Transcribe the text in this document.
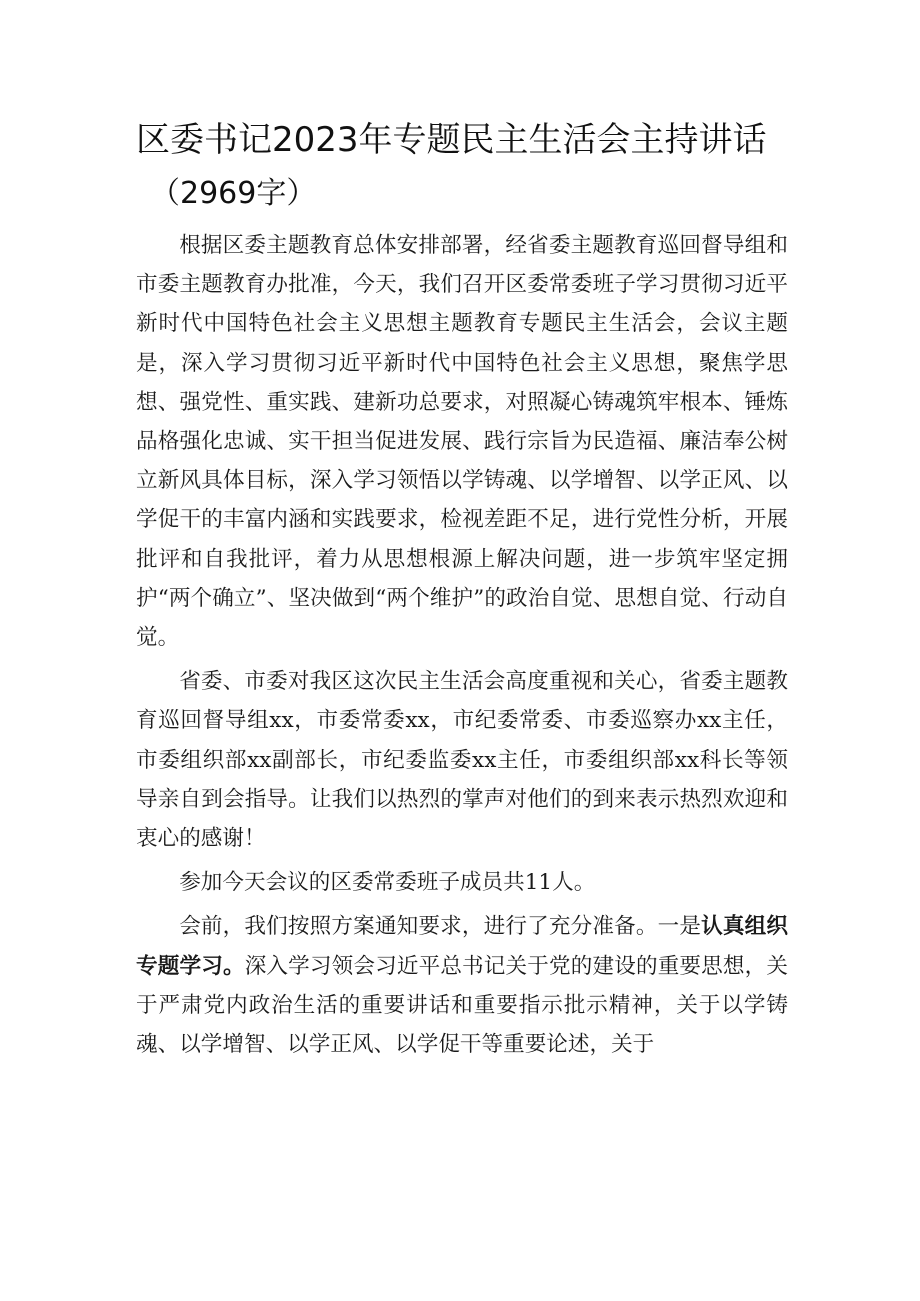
区委书记2023年专题民主生活会主持讲话
（2969字）

根据区委主题教育总体安排部署，经省委主题教育巡回督导组和市委主题教育办批准，今天，我们召开区委常委班子学习贯彻习近平新时代中国特色社会主义思想主题教育专题民主生活会，会议主题是，深入学习贯彻习近平新时代中国特色社会主义思想，聚焦学思想、强党性、重实践、建新功总要求，对照凝心铸魂筑牢根本、锤炼品格强化忠诚、实干担当促进发展、践行宗旨为民造福、廉洁奉公树立新风具体目标，深入学习领悟以学铸魂、以学增智、以学正风、以学促干的丰富内涵和实践要求，检视差距不足，进行党性分析，开展批评和自我批评，着力从思想根源上解决问题，进一步筑牢坚定拥护“两个确立”、坚决做到“两个维护”的政治自觉、思想自觉、行动自觉。

省委、市委对我区这次民主生活会高度重视和关心，省委主题教育巡回督导组xx，市委常委xx，市纪委常委、市委巡察办xx主任，市委组织部xx副部长，市纪委监委xx主任，市委组织部xx科长等领导亲自到会指导。让我们以热烈的掌声对他们的到来表示热烈欢迎和衷心的感谢！

参加今天会议的区委常委班子成员共11人。

会前，我们按照方案通知要求，进行了充分准备。一是认真组织专题学习。深入学习领会习近平总书记关于党的建设的重要思想，关于严肃党内政治生活的重要讲话和重要指示批示精神，关于以学铸魂、以学增智、以学正风、以学促干等重要论述，关于
